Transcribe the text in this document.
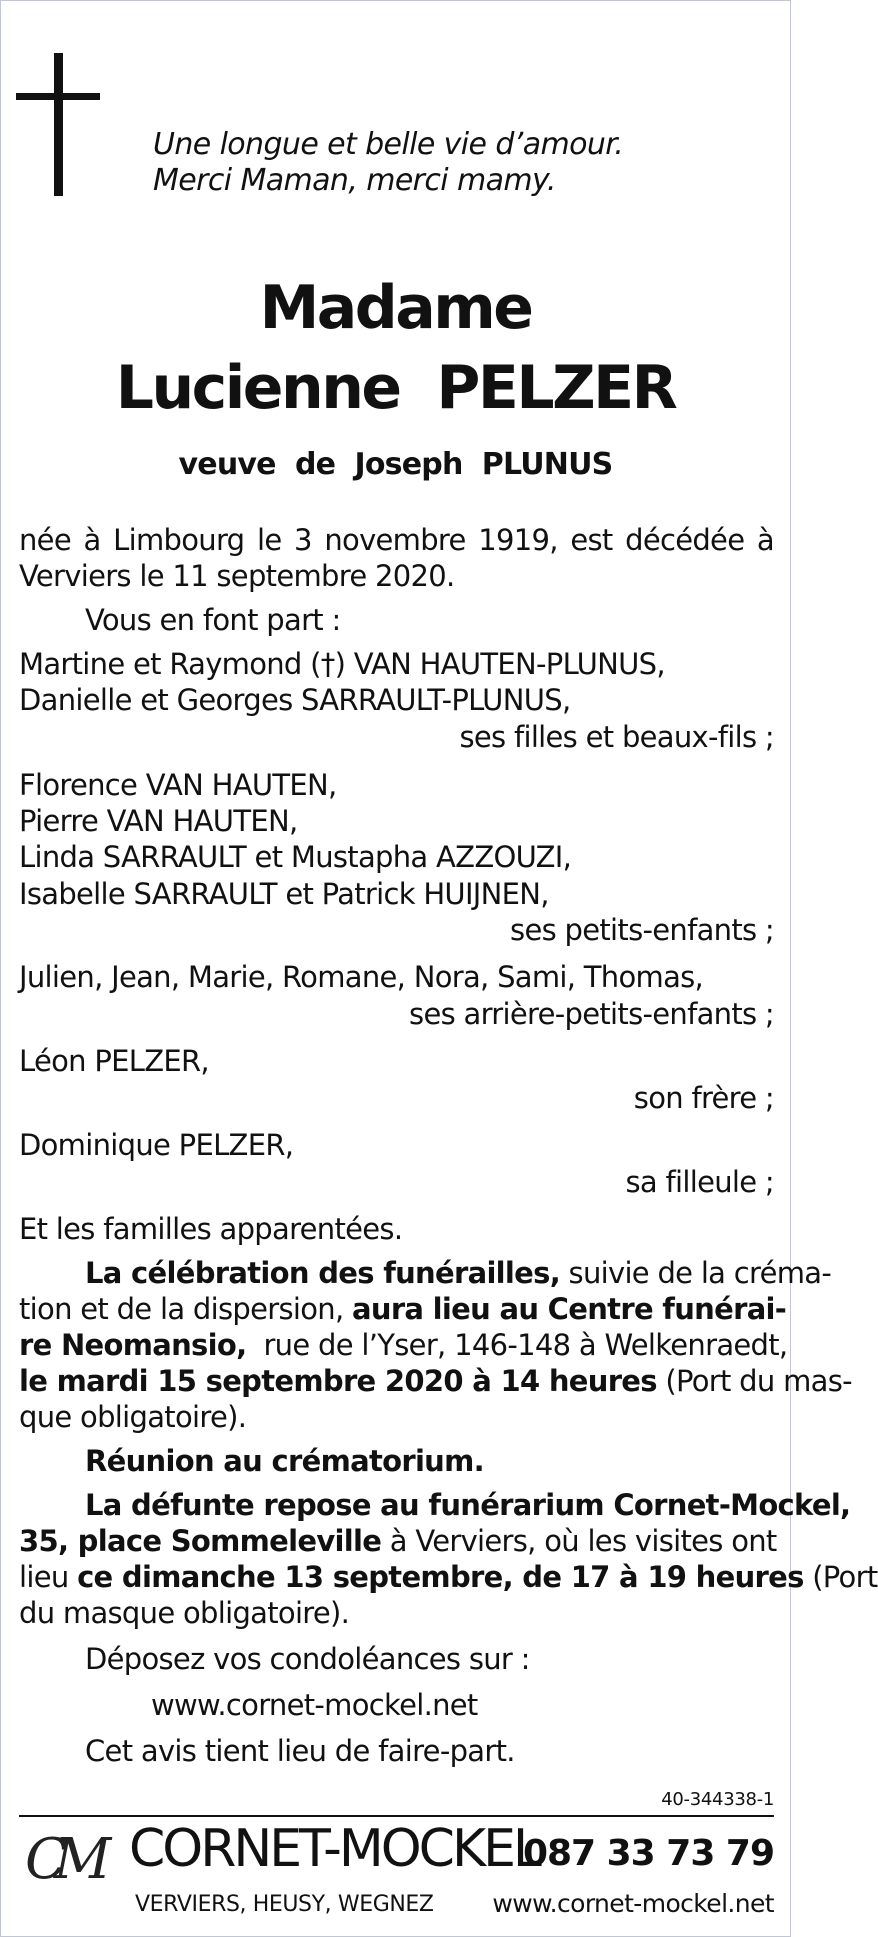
Une longue et belle vie d’amour.
Merci Maman, merci mamy.
Madame
Lucienne  PELZER
veuve  de  Joseph  PLUNUS
née à Limbourg le 3 novembre 1919, est décédée à
Verviers le 11 septembre 2020.
Vous en font part :
Martine et Raymond (†) VAN HAUTEN-PLUNUS,
Danielle et Georges SARRAULT-PLUNUS,
ses filles et beaux-fils ;
Florence VAN HAUTEN,
Pierre VAN HAUTEN,
Linda SARRAULT et Mustapha AZZOUZI,
Isabelle SARRAULT et Patrick HUIJNEN,
ses petits-enfants ;
Julien, Jean, Marie, Romane, Nora, Sami, Thomas,
ses arrière-petits-enfants ;
Léon PELZER,
son frère ;
Dominique PELZER,
sa filleule ;
Et les familles apparentées.
La célébration des funérailles, suivie de la créma-
tion et de la dispersion, aura lieu au Centre funérai-
re Neomansio,  rue de l’Yser, 146-148 à Welkenraedt,
le mardi 15 septembre 2020 à 14 heures (Port du mas-
que obligatoire).
Réunion au crématorium.
La défunte repose au funérarium Cornet-Mockel,
35, place Sommeleville à Verviers, où les visites ont
lieu ce dimanche 13 septembre, de 17 à 19 heures (Port
du masque obligatoire).
Déposez vos condoléances sur :
www.cornet-mockel.net
Cet avis tient lieu de faire-part.
40-344338-1
CM CORNET-MOCKEL
087 33 73 79
VERVIERS, HEUSY, WEGNEZ www.cornet-mockel.net
